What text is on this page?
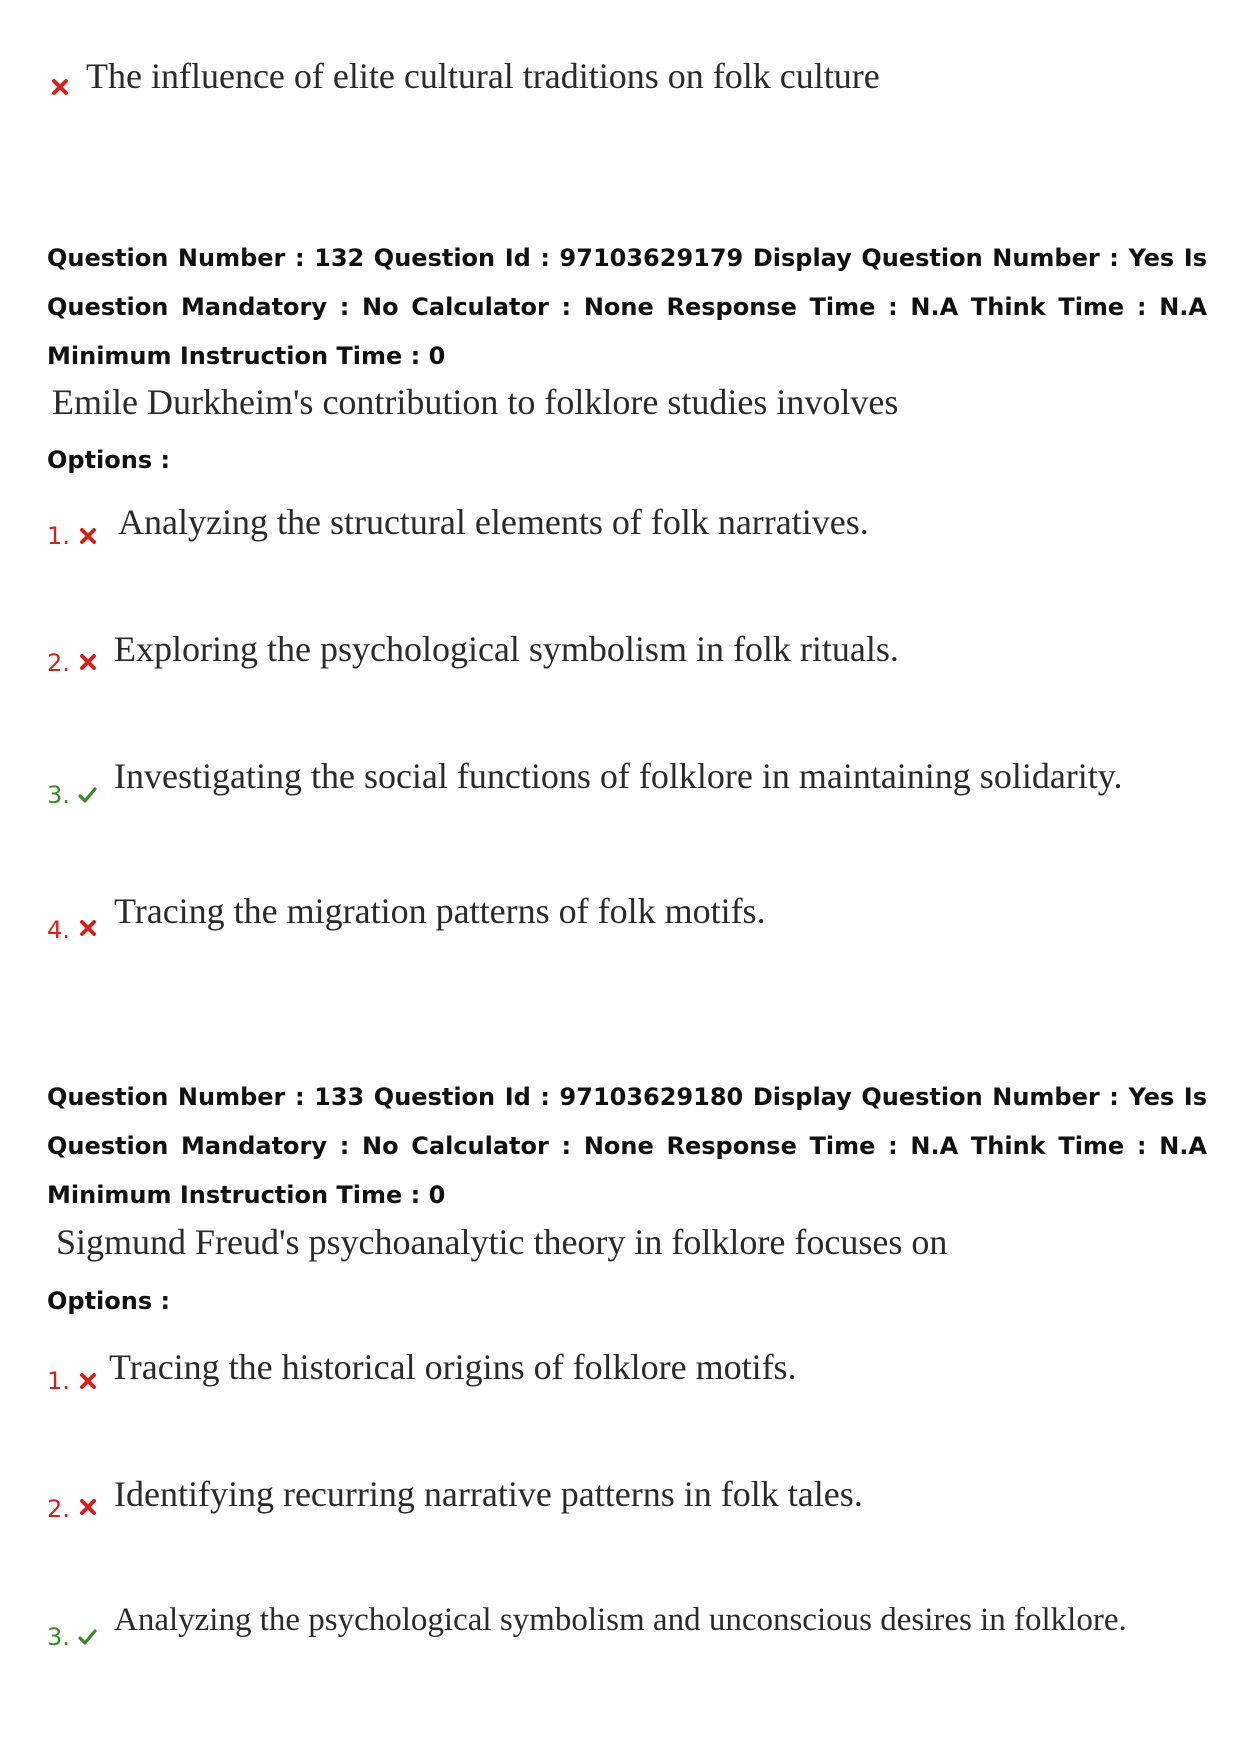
The influence of elite cultural traditions on folk culture
Question Number : 132 Question Id : 97103629179 Display Question Number : Yes Is Question Mandatory : No Calculator : None Response Time : N.A Think Time : N.A Minimum Instruction Time : 0
Emile Durkheim's contribution to folklore studies involves
Options :
1. Analyzing the structural elements of folk narratives.
2. Exploring the psychological symbolism in folk rituals.
3. Investigating the social functions of folklore in maintaining solidarity.
4. Tracing the migration patterns of folk motifs.
Question Number : 133 Question Id : 97103629180 Display Question Number : Yes Is Question Mandatory : No Calculator : None Response Time : N.A Think Time : N.A Minimum Instruction Time : 0
Sigmund Freud's psychoanalytic theory in folklore focuses on
Options :
1. Tracing the historical origins of folklore motifs.
2. Identifying recurring narrative patterns in folk tales.
3. Analyzing the psychological symbolism and unconscious desires in folklore.
